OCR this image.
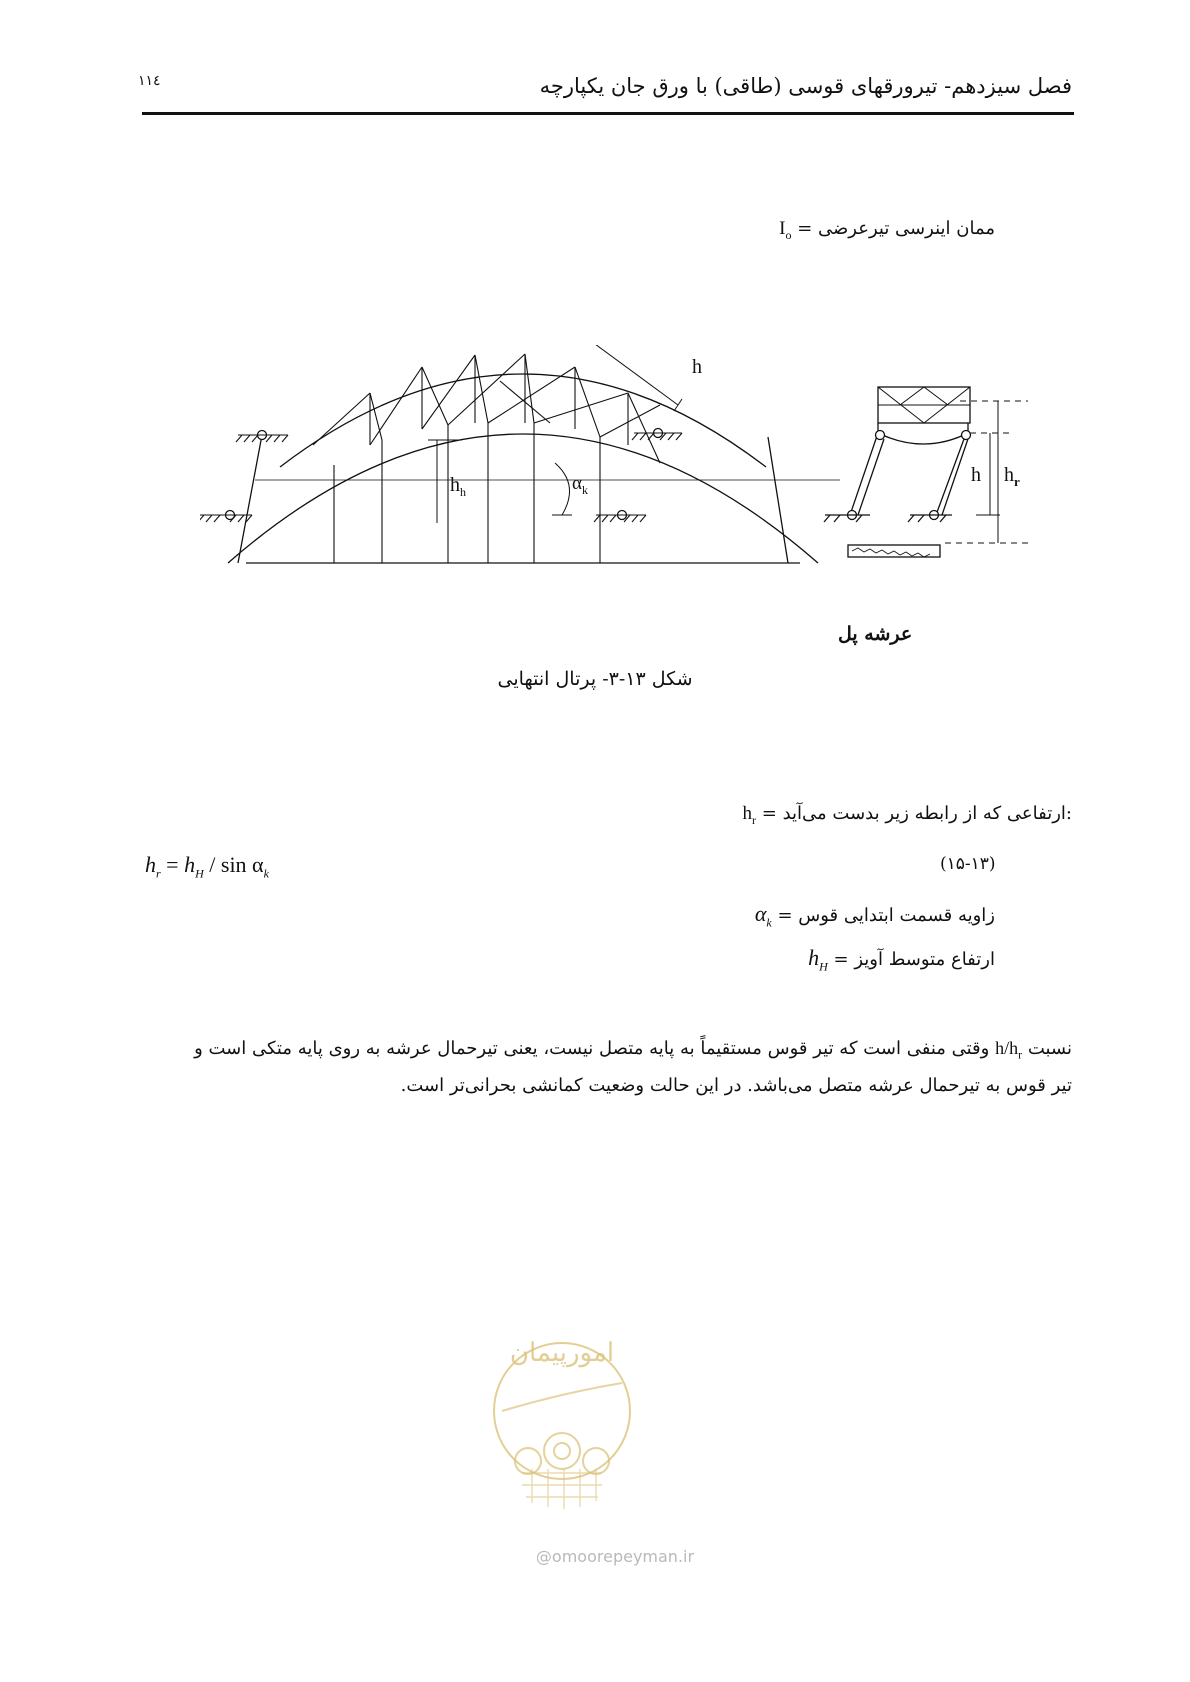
فصل سیزدهم- تیرورقهای قوسی (طاقی) با ورق جان یکپارچه
۱۱٤
$I_o$ = ممان اینرسی تیرعرضی
h
$h_h$	$\alpha_k$
h $h_r$
عرشه پل
شکل ۱۳-۳- پرتال انتهایی
$h_r$ = ارتفاعی که از رابطه زیر بدست می‌آید:
$h_r = h_H / \sin \alpha_k$	(۱۵-۱۳)
$\alpha_k$ = زاویه قسمت ابتدایی قوس
$h_H$ = ارتفاع متوسط آویز
نسبت $h/h_r$ وقتی منفی است که تیر قوس مستقیماً به پایه متصل نیست، یعنی تیرحمال عرشه به روی پایه متکی است و
تیر قوس به تیرحمال عرشه متصل می‌باشد. در این حالت وضعیت کمانشی بحرانی‌تر است.
امورپیمان
@omoorepeyman.ir
